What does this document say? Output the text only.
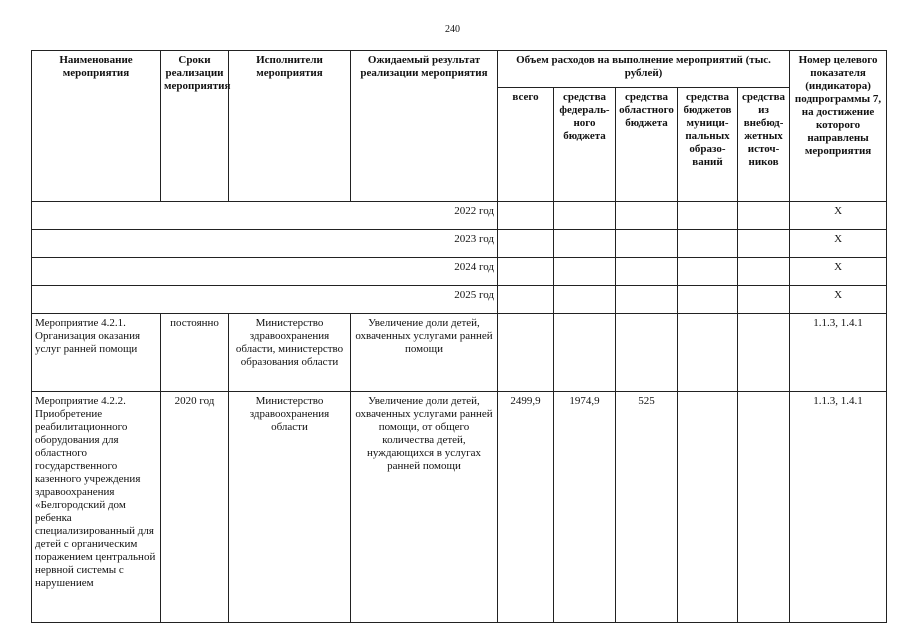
240
Наименование мероприятия	Сроки реализации мероприятия	Исполнители мероприятия	Ожидаемый результат реализации мероприятия	Объем расходов на выполнение мероприятий (тыс. рублей)					Номер целевого показателя (индикатора) подпрограммы 7, на достижение которого направлены мероприятия
				всего	средства федераль-ного бюджета	средства областного бюджета	средства бюджетов муници-пальных образо-ваний	средства из внебюд-жетных источ-ников	
2022 год									Х
2023 год									Х
2024 год									Х
2025 год									Х
Мероприятие 4.2.1. Организация оказания услуг ранней помощи	постоянно	Министерство здравоохранения области, министерство образования области	Увеличение доли детей, охваченных услугами ранней помощи						1.1.3, 1.4.1
Мероприятие 4.2.2. Приобретение реабилитационного оборудования для областного государственного казенного учреждения здравоохранения «Белгородский дом ребенка специализированный для детей с органическим поражением центральной нервной системы с нарушением	2020 год	Министерство здравоохранения области	Увеличение доли детей, охваченных услугами ранней помощи, от общего количества детей, нуждающихся в услугах ранней помощи	2499,9	1974,9	525			1.1.3, 1.4.1
